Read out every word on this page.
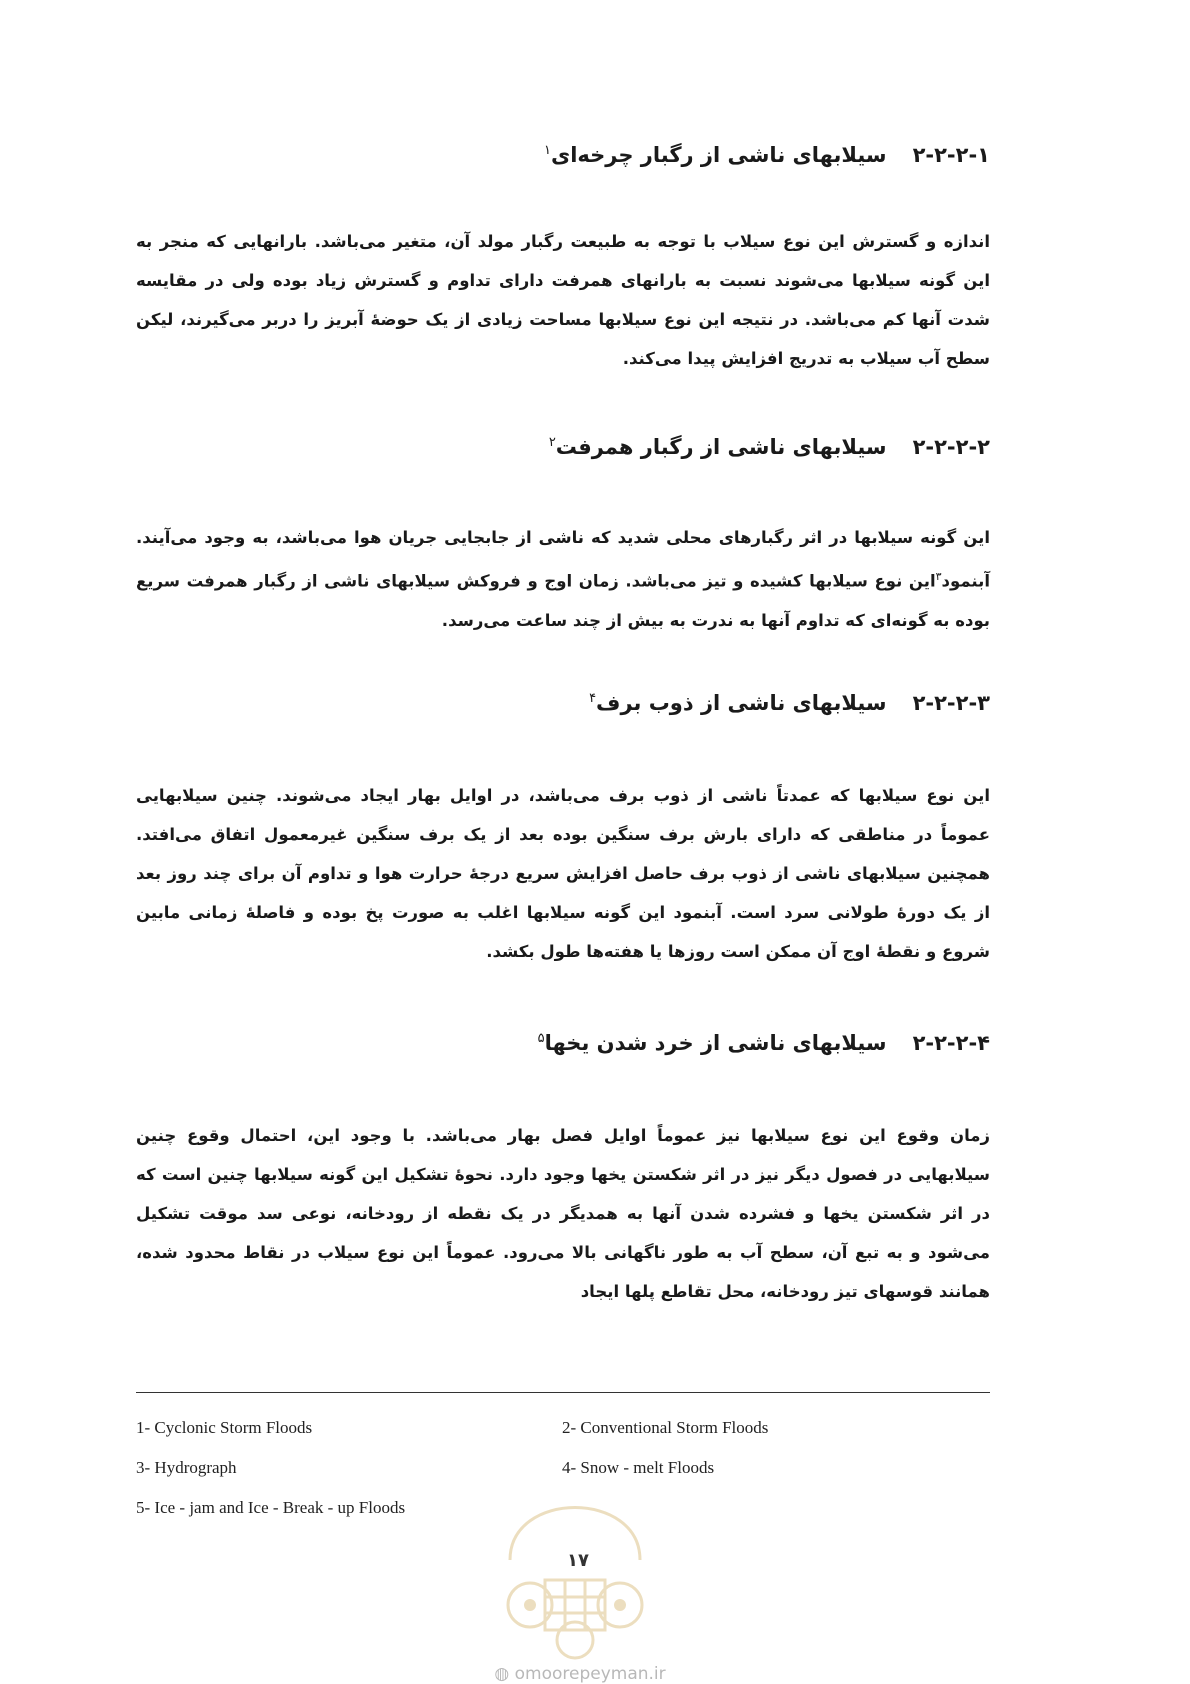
۲-۲-۲-۱سیلابهای ناشی از رگبار چرخه‌ای$^۱$

اندازه و گسترش این نوع سیلاب با توجه به طبیعت رگبار مولد آن، متغیر می‌باشد. بارانهایی که منجر به این گونه سیلابها می‌شوند نسبت به بارانهای همرفت دارای تداوم و گسترش زیاد بوده ولی در مقایسه شدت آنها کم می‌باشد. در نتیجه این نوع سیلابها مساحت زیادی از یک حوضهٔ آبریز را دربر می‌گیرند، لیکن سطح آب سیلاب به تدریج افزایش پیدا می‌کند.

۲-۲-۲-۲سیلابهای ناشی از رگبار همرفت$^۲$

این گونه سیلابها در اثر رگبارهای محلی شدید که ناشی از جابجایی جریان هوا می‌باشد، به وجود می‌آیند. آبنمود$^۳$این نوع سیلابها کشیده و تیز می‌باشد. زمان اوج و فروکش سیلابهای ناشی از رگبار همرفت سریع بوده به گونه‌ای که تداوم آنها به ندرت به بیش از چند ساعت می‌رسد.

۲-۲-۲-۳سیلابهای ناشی از ذوب برف$^۴$

این نوع سیلابها که عمدتاً ناشی از ذوب برف می‌باشد، در اوایل بهار ایجاد می‌شوند. چنین سیلابهایی عموماً در مناطقی که دارای بارش برف سنگین بوده بعد از یک برف سنگین غیرمعمول اتفاق می‌افتد. همچنین سیلابهای ناشی از ذوب برف حاصل افزایش سریع درجهٔ حرارت هوا و تداوم آن برای چند روز بعد از یک دورهٔ طولانی سرد است. آبنمود این گونه سیلابها اغلب به صورت پخ بوده و فاصلهٔ زمانی مابین شروع و نقطهٔ اوج آن ممکن است روزها یا هفته‌ها طول بکشد.

۲-۲-۲-۴سیلابهای ناشی از خرد شدن یخها$^۵$

زمان وقوع این نوع سیلابها نیز عموماً اوایل فصل بهار می‌باشد. با وجود این، احتمال وقوع چنین سیلابهایی در فصول دیگر نیز در اثر شکستن یخها وجود دارد. نحوهٔ تشکیل این گونه سیلابها چنین است که در اثر شکستن یخها و فشرده شدن آنها به همدیگر در یک نقطه از رودخانه، نوعی سد موقت تشکیل می‌شود و به تبع آن، سطح آب به طور ناگهانی بالا می‌رود. عموماً این نوع سیلاب در نقاط محدود شده، همانند قوسهای تیز رودخانه، محل تقاطع پلها ایجاد

1- Cyclonic Storm Floods	2- Conventional Storm Floods
3- Hydrograph	4- Snow - melt Floods
5- Ice - jam and Ice - Break - up Floods
۱۷
◍ omoorepeyman.ir
